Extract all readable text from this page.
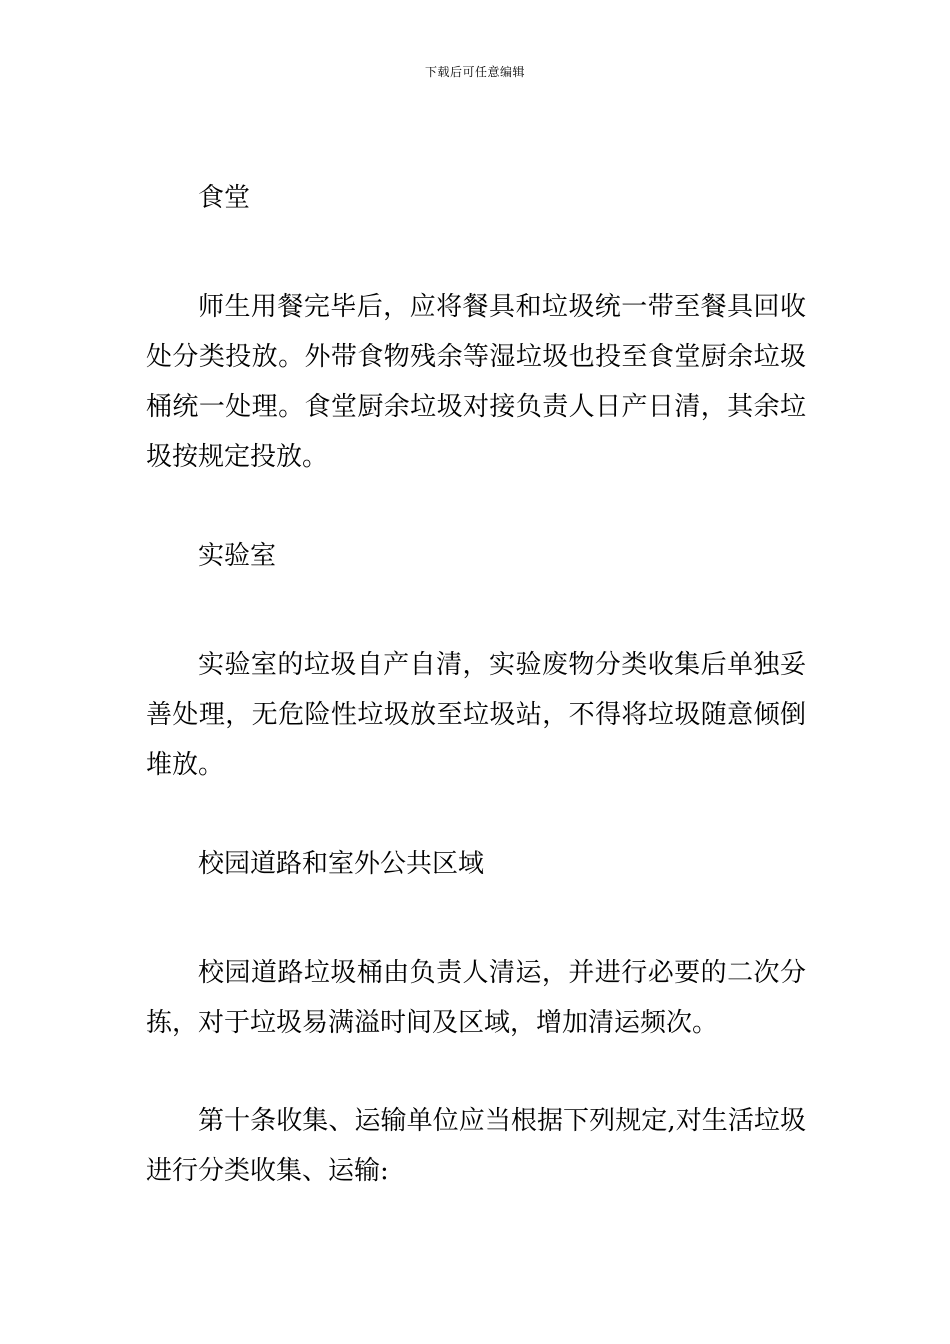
下载后可任意编辑
食堂

师生用餐完毕后，应将餐具和垃圾统一带至餐具回收处分类投放。外带食物残余等湿垃圾也投至食堂厨余垃圾桶统一处理。食堂厨余垃圾对接负责人日产日清，其余垃圾按规定投放。

实验室

实验室的垃圾自产自清，实验废物分类收集后单独妥善处理，无危险性垃圾放至垃圾站，不得将垃圾随意倾倒堆放。

校园道路和室外公共区域

校园道路垃圾桶由负责人清运，并进行必要的二次分拣，对于垃圾易满溢时间及区域，增加清运频次。

第十条收集、运输单位应当根据下列规定,对生活垃圾进行分类收集、运输:
